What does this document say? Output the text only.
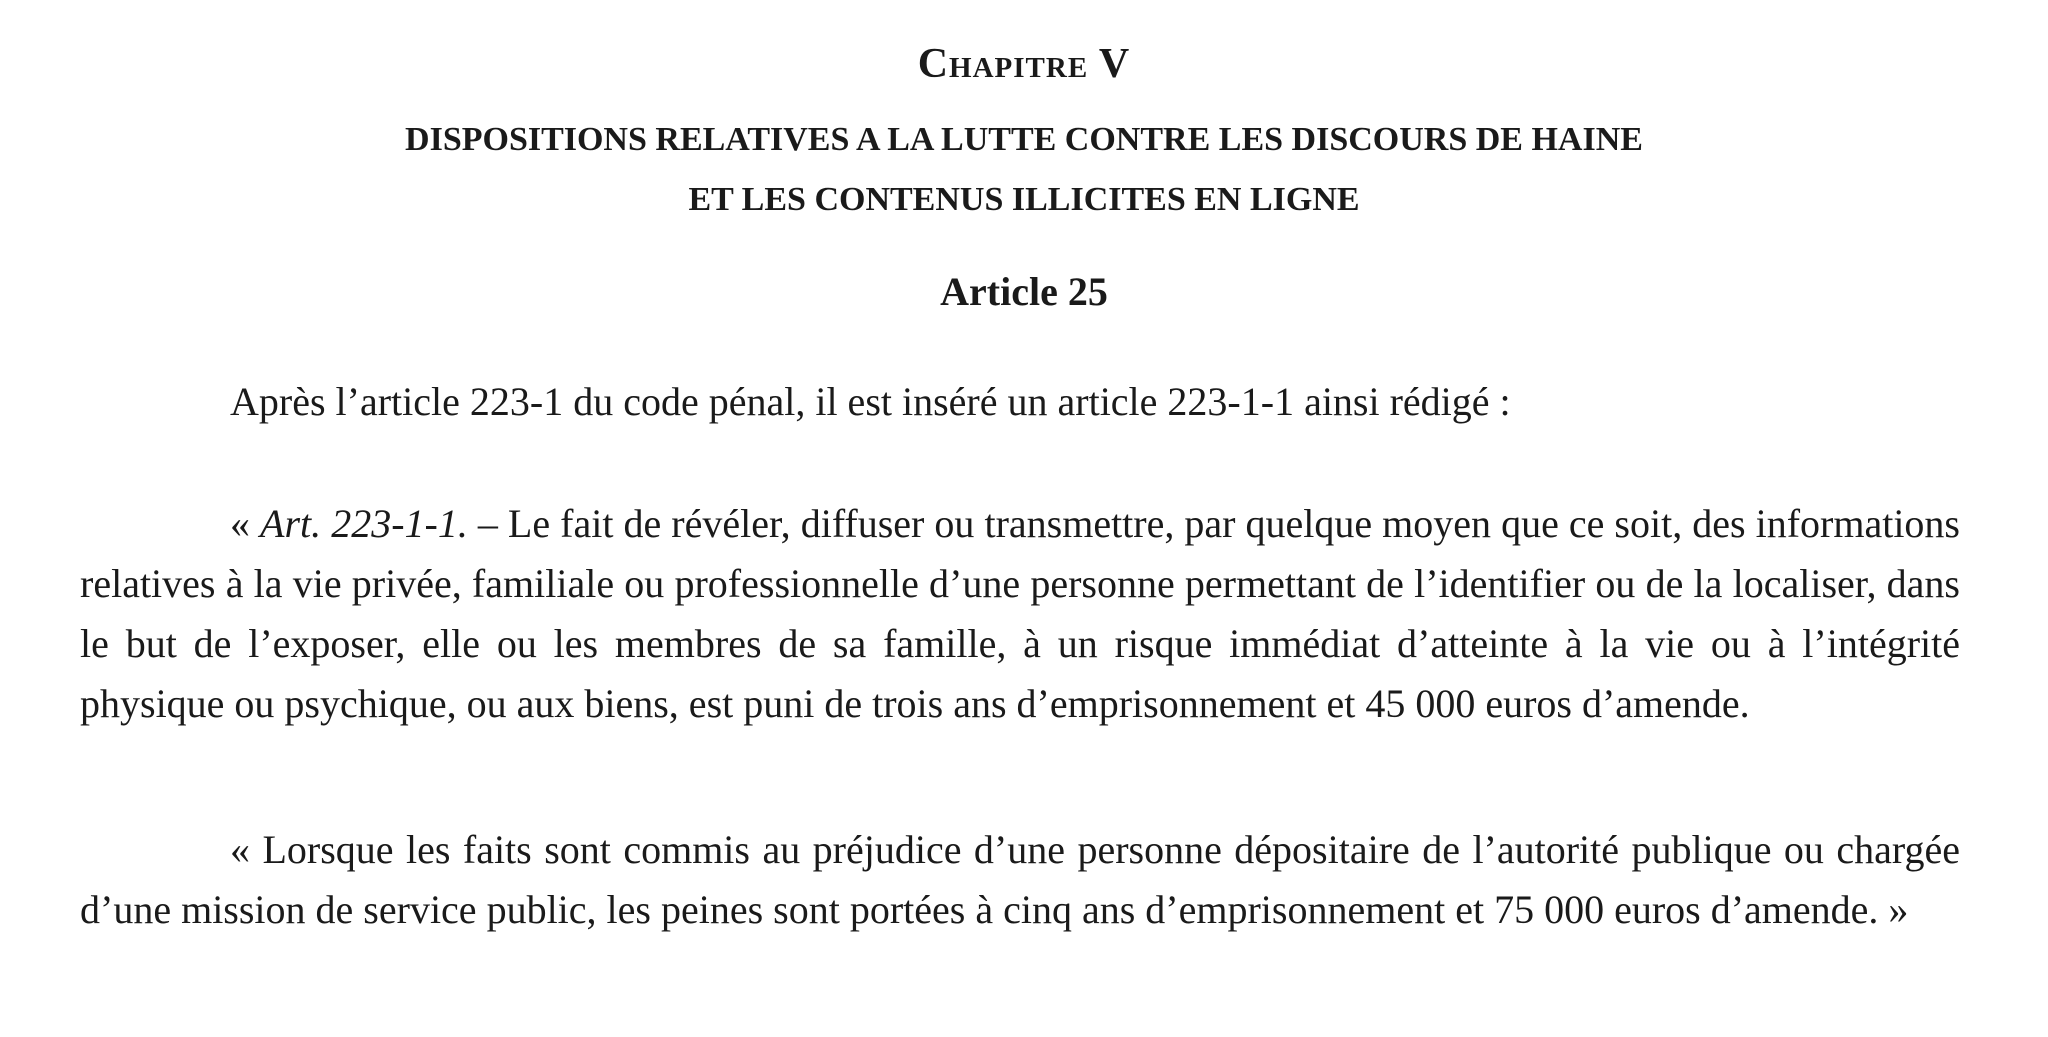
Chapitre V
DISPOSITIONS RELATIVES A LA LUTTE CONTRE LES DISCOURS DE HAINE
ET LES CONTENUS ILLICITES EN LIGNE
Article 25

Après l’article 223-1 du code pénal, il est inséré un article 223-1-1 ainsi rédigé :

« Art. 223-1-1. – Le fait de révéler, diffuser ou transmettre, par quelque moyen que ce soit, des informations relatives à la vie privée, familiale ou professionnelle d’une personne permettant de l’identifier ou de la localiser, dans le but de l’exposer, elle ou les membres de sa famille, à un risque immédiat d’atteinte à la vie ou à l’intégrité physique ou psychique, ou aux biens, est puni de trois ans d’emprisonnement et 45 000 euros d’amende.

« Lorsque les faits sont commis au préjudice d’une personne dépositaire de l’autorité publique ou chargée d’une mission de service public, les peines sont portées à cinq ans d’emprisonnement et 75 000 euros d’amende. »
